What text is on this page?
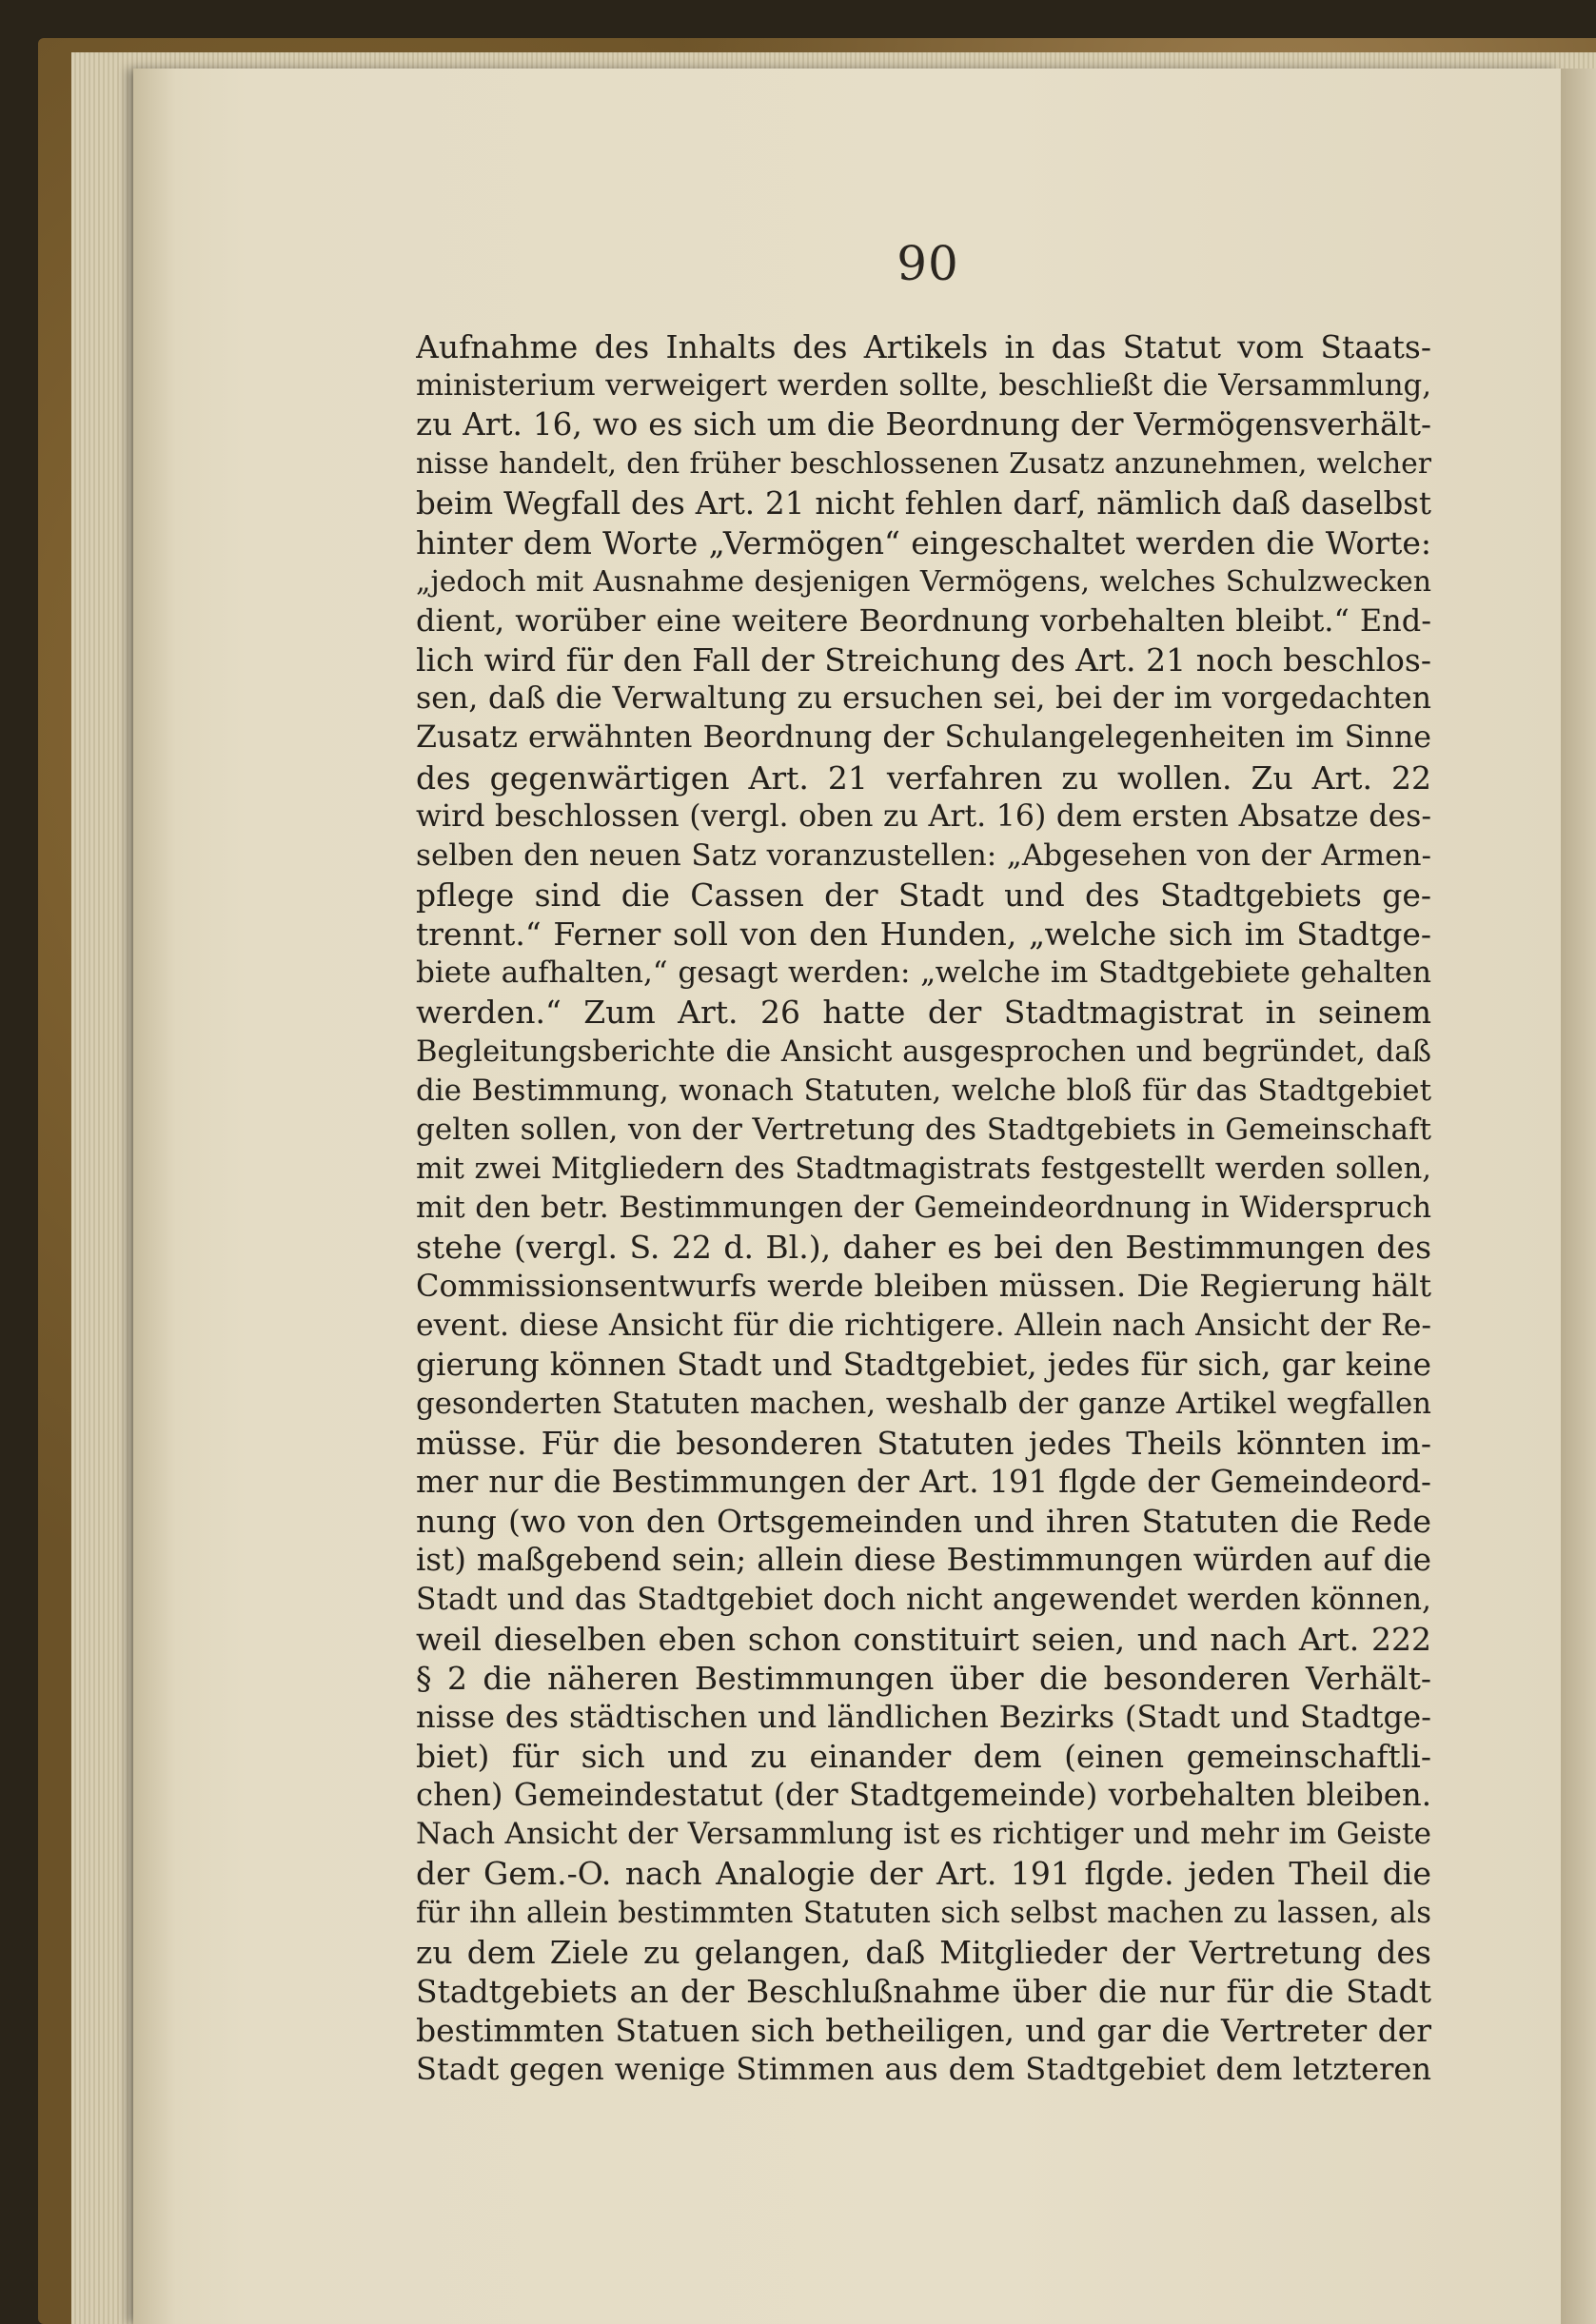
90
Aufnahme des Inhalts des Artikels in das Statut vom Staats-
ministerium verweigert werden sollte, beschließt die Versammlung,
zu Art. 16, wo es sich um die Beordnung der Vermögensverhält-
nisse handelt, den früher beschlossenen Zusatz anzunehmen, welcher
beim Wegfall des Art. 21 nicht fehlen darf, nämlich daß daselbst
hinter dem Worte „Vermögen“ eingeschaltet werden die Worte:
„jedoch mit Ausnahme desjenigen Vermögens, welches Schulzwecken
dient, worüber eine weitere Beordnung vorbehalten bleibt.“ End-
lich wird für den Fall der Streichung des Art. 21 noch beschlos-
sen, daß die Verwaltung zu ersuchen sei, bei der im vorgedachten
Zusatz erwähnten Beordnung der Schulangelegenheiten im Sinne
des gegenwärtigen Art. 21 verfahren zu wollen. Zu Art. 22
wird beschlossen (vergl. oben zu Art. 16) dem ersten Absatze des-
selben den neuen Satz voranzustellen: „Abgesehen von der Armen-
pflege sind die Cassen der Stadt und des Stadtgebiets ge-
trennt.“ Ferner soll von den Hunden, „welche sich im Stadtge-
biete aufhalten,“ gesagt werden: „welche im Stadtgebiete gehalten
werden.“ Zum Art. 26 hatte der Stadtmagistrat in seinem
Begleitungsberichte die Ansicht ausgesprochen und begründet, daß
die Bestimmung, wonach Statuten, welche bloß für das Stadtgebiet
gelten sollen, von der Vertretung des Stadtgebiets in Gemeinschaft
mit zwei Mitgliedern des Stadtmagistrats festgestellt werden sollen,
mit den betr. Bestimmungen der Gemeindeordnung in Widerspruch
stehe (vergl. S. 22 d. Bl.), daher es bei den Bestimmungen des
Commissionsentwurfs werde bleiben müssen. Die Regierung hält
event. diese Ansicht für die richtigere. Allein nach Ansicht der Re-
gierung können Stadt und Stadtgebiet, jedes für sich, gar keine
gesonderten Statuten machen, weshalb der ganze Artikel wegfallen
müsse. Für die besonderen Statuten jedes Theils könnten im-
mer nur die Bestimmungen der Art. 191 flgde der Gemeindeord-
nung (wo von den Ortsgemeinden und ihren Statuten die Rede
ist) maßgebend sein; allein diese Bestimmungen würden auf die
Stadt und das Stadtgebiet doch nicht angewendet werden können,
weil dieselben eben schon constituirt seien, und nach Art. 222
§ 2 die näheren Bestimmungen über die besonderen Verhält-
nisse des städtischen und ländlichen Bezirks (Stadt und Stadtge-
biet) für sich und zu einander dem (einen gemeinschaftli-
chen) Gemeindestatut (der Stadtgemeinde) vorbehalten bleiben.
Nach Ansicht der Versammlung ist es richtiger und mehr im Geiste
der Gem.-O. nach Analogie der Art. 191 flgde. jeden Theil die
für ihn allein bestimmten Statuten sich selbst machen zu lassen, als
zu dem Ziele zu gelangen, daß Mitglieder der Vertretung des
Stadtgebiets an der Beschlußnahme über die nur für die Stadt
bestimmten Statuen sich betheiligen, und gar die Vertreter der
Stadt gegen wenige Stimmen aus dem Stadtgebiet dem letzteren
